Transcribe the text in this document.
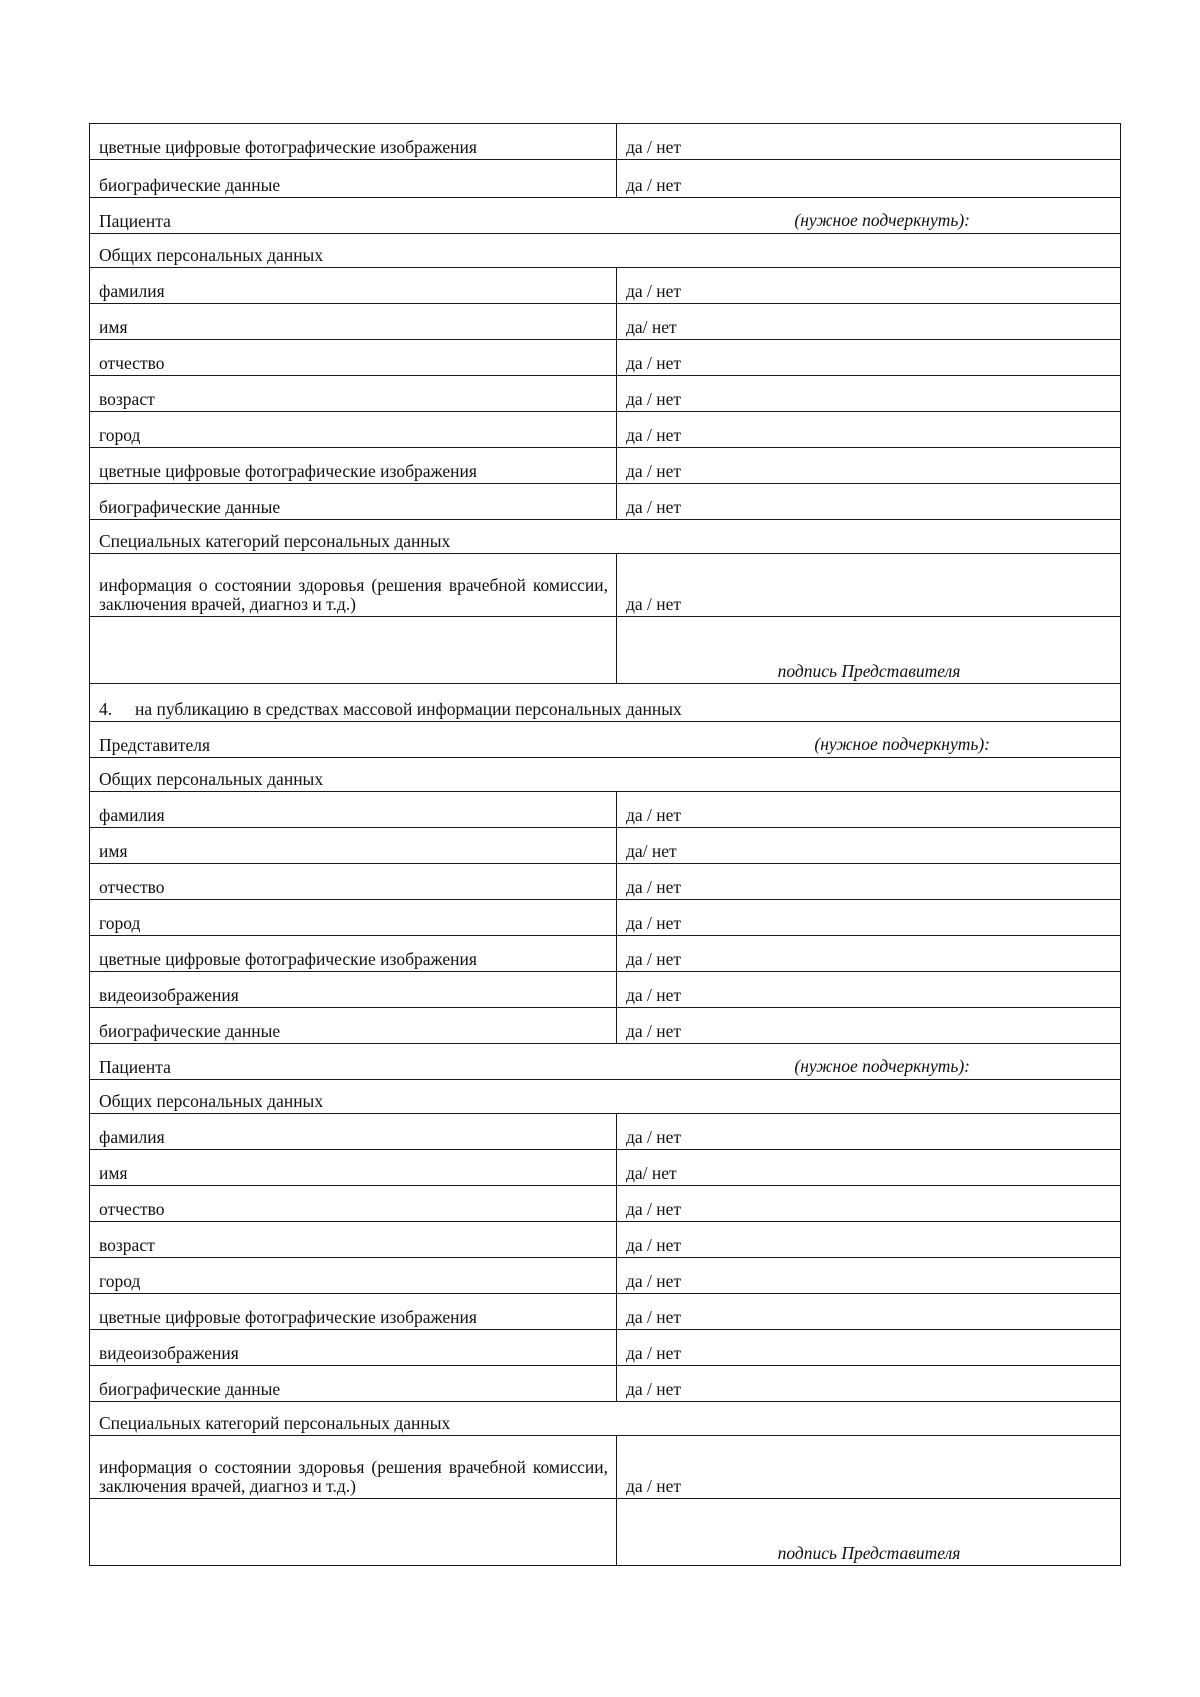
цветные цифровые фотографические изображения	да / нет
биографические данные	да / нет
Пациента (нужное подчеркнуть):	

Общих персональных данных	
фамилия	да / нет
имя	да/ нет
отчество	да / нет
возраст	да / нет
город	да / нет
цветные цифровые фотографические изображения	да / нет
биографические данные	да / нет
Специальных категорий персональных данных	
информация о состоянии здоровья (решения врачебной комиссии, заключения врачей, диагноз и т.д.)	да / нет
	подпись Представителя
4. на публикацию в средствах массовой информации персональных данных	
Представителя (нужное подчеркнуть):	

Общих персональных данных	
фамилия	да / нет
имя	да/ нет
отчество	да / нет
город	да / нет
цветные цифровые фотографические изображения	да / нет
видеоизображения	да / нет
биографические данные	да / нет
Пациента (нужное подчеркнуть):	

Общих персональных данных	
фамилия	да / нет
имя	да/ нет
отчество	да / нет
возраст	да / нет
город	да / нет
цветные цифровые фотографические изображения	да / нет
видеоизображения	да / нет
биографические данные	да / нет
Специальных категорий персональных данных	
информация о состоянии здоровья (решения врачебной комиссии, заключения врачей, диагноз и т.д.)	да / нет
	подпись Представителя
